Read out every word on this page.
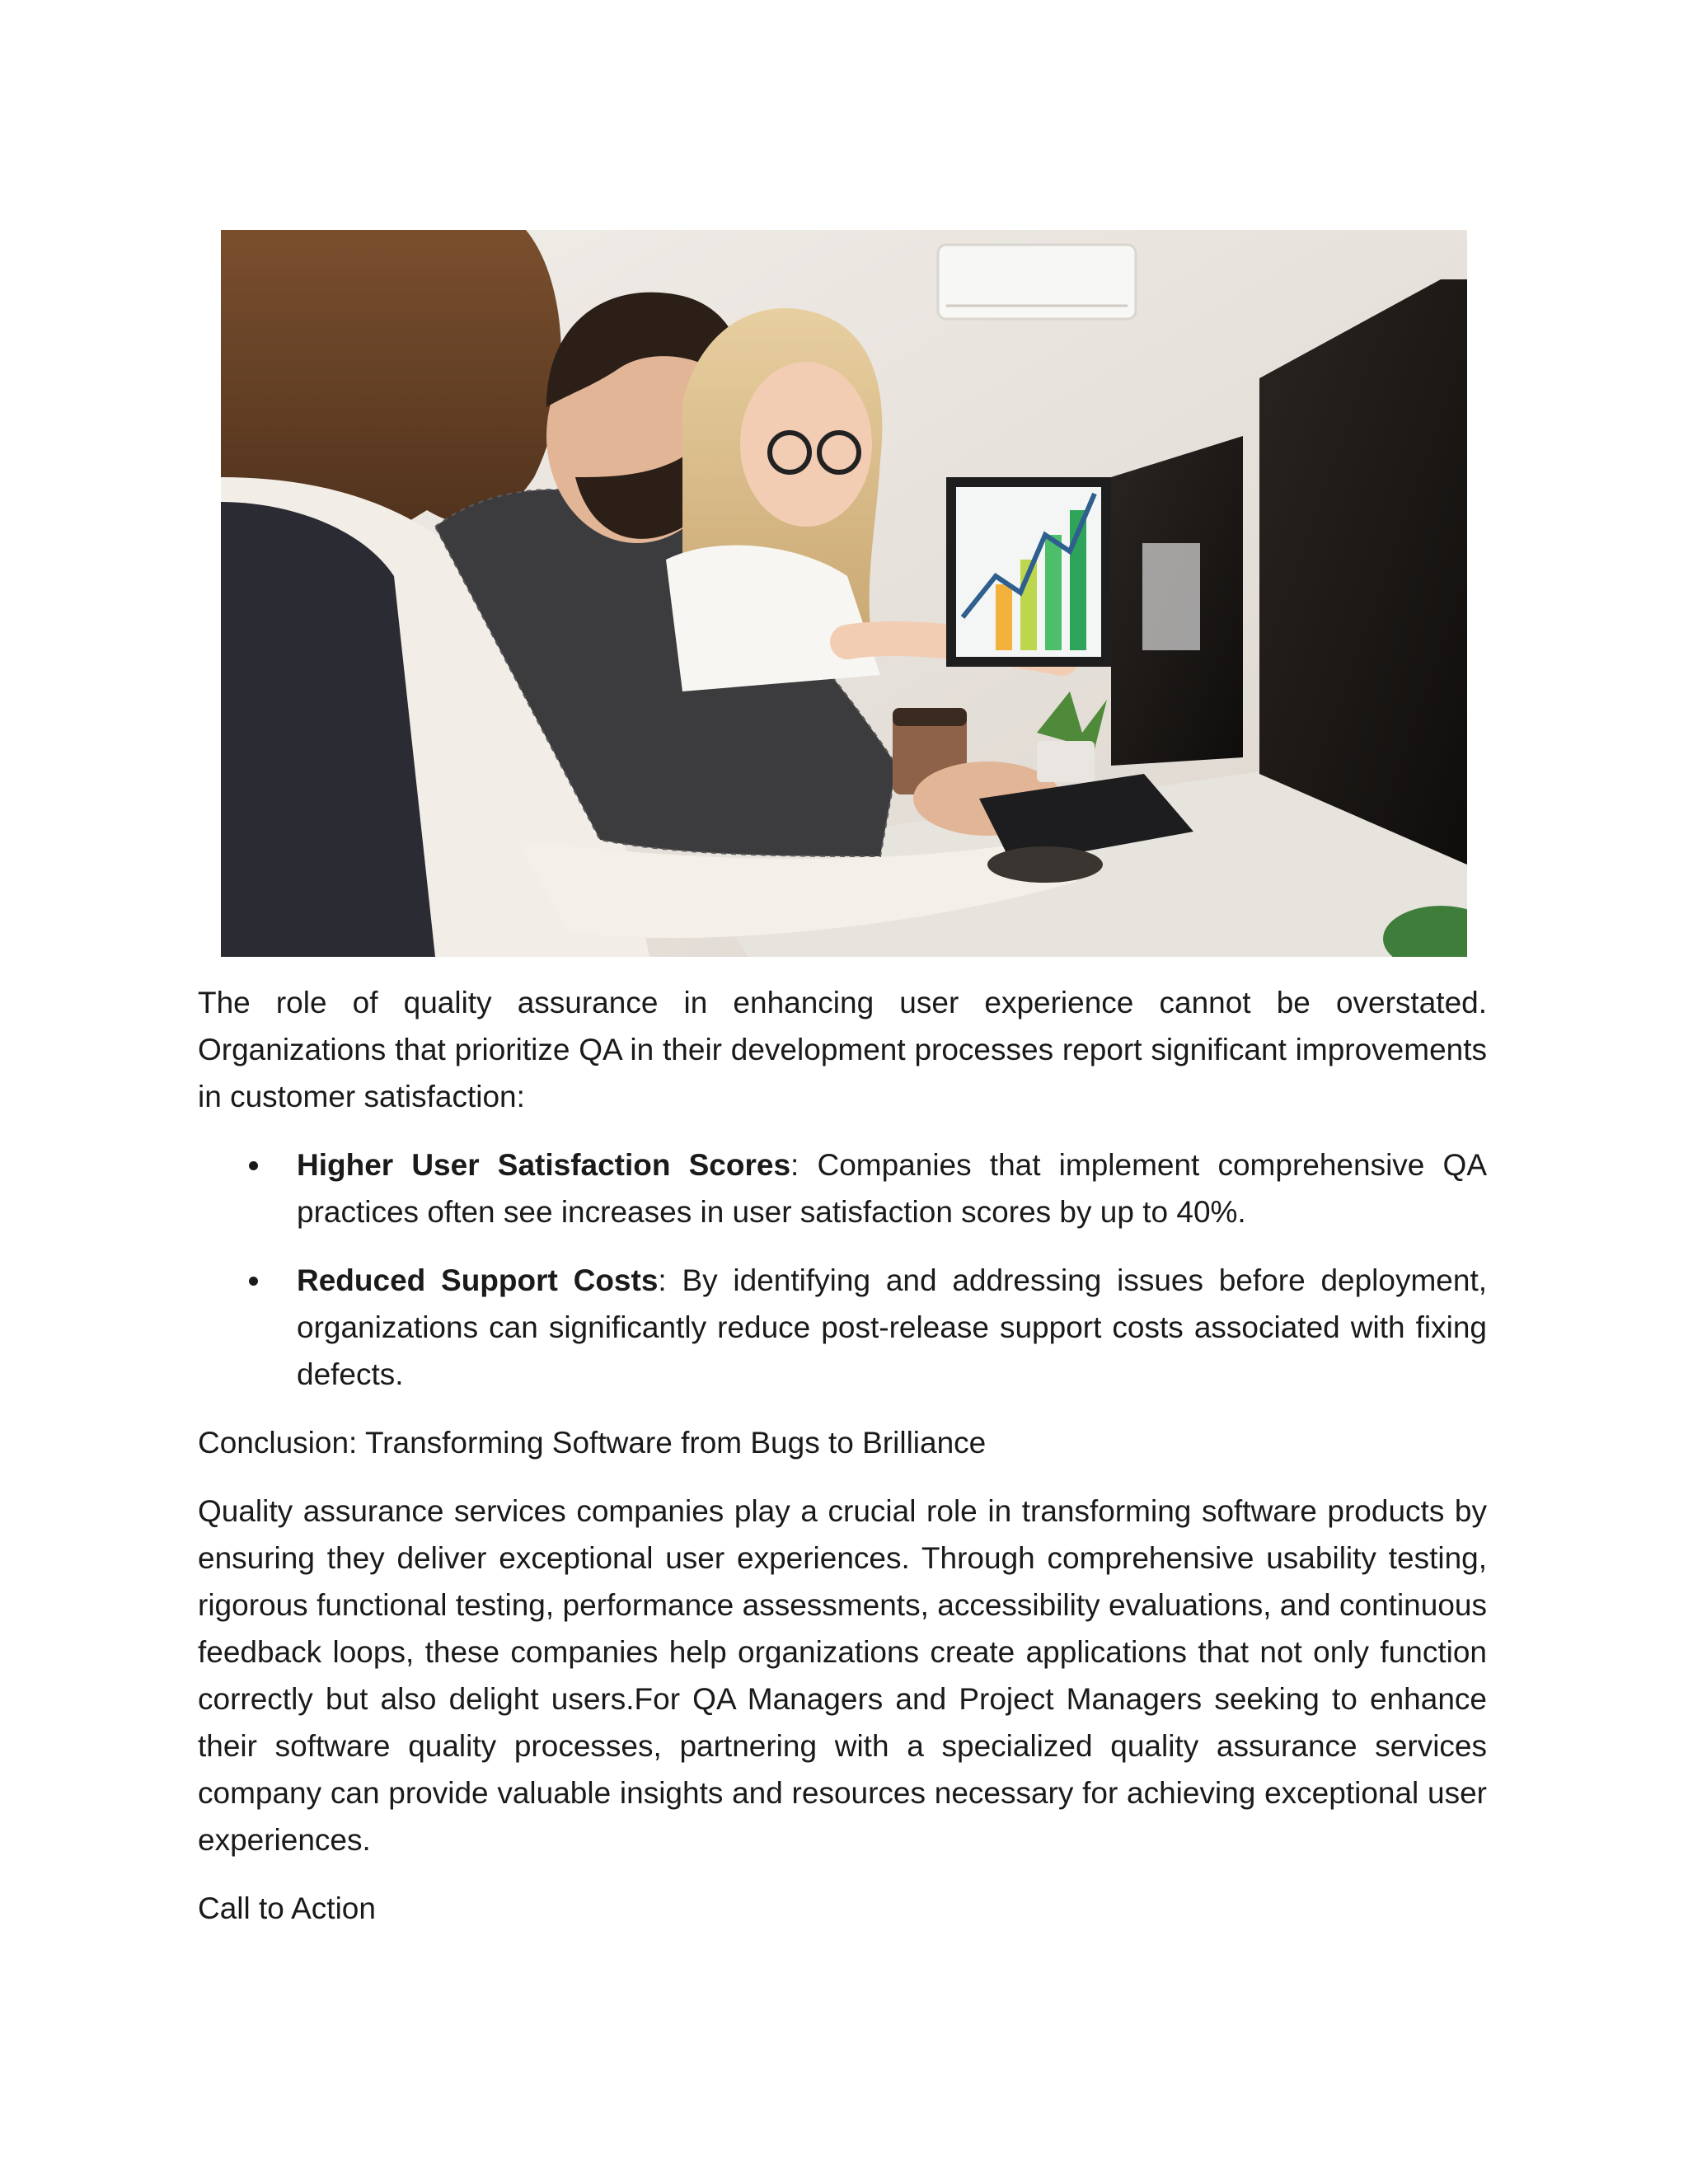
The role of quality assurance in enhancing user experience cannot be overstated. Organizations that prioritize QA in their development processes report significant improvements in customer satisfaction:

Higher User Satisfaction Scores: Companies that implement comprehensive QA practices often see increases in user satisfaction scores by up to 40%.
Reduced Support Costs: By identifying and addressing issues before deployment, organizations can significantly reduce post-release support costs associated with fixing defects.

Conclusion: Transforming Software from Bugs to Brilliance

Quality assurance services companies play a crucial role in transforming software products by ensuring they deliver exceptional user experiences. Through comprehensive usability testing, rigorous functional testing, performance assessments, accessibility evaluations, and continuous feedback loops, these companies help organizations create applications that not only function correctly but also delight users.For QA Managers and Project Managers seeking to enhance their software quality processes, partnering with a specialized quality assurance services company can provide valuable insights and resources necessary for achieving exceptional user experiences.

Call to Action
